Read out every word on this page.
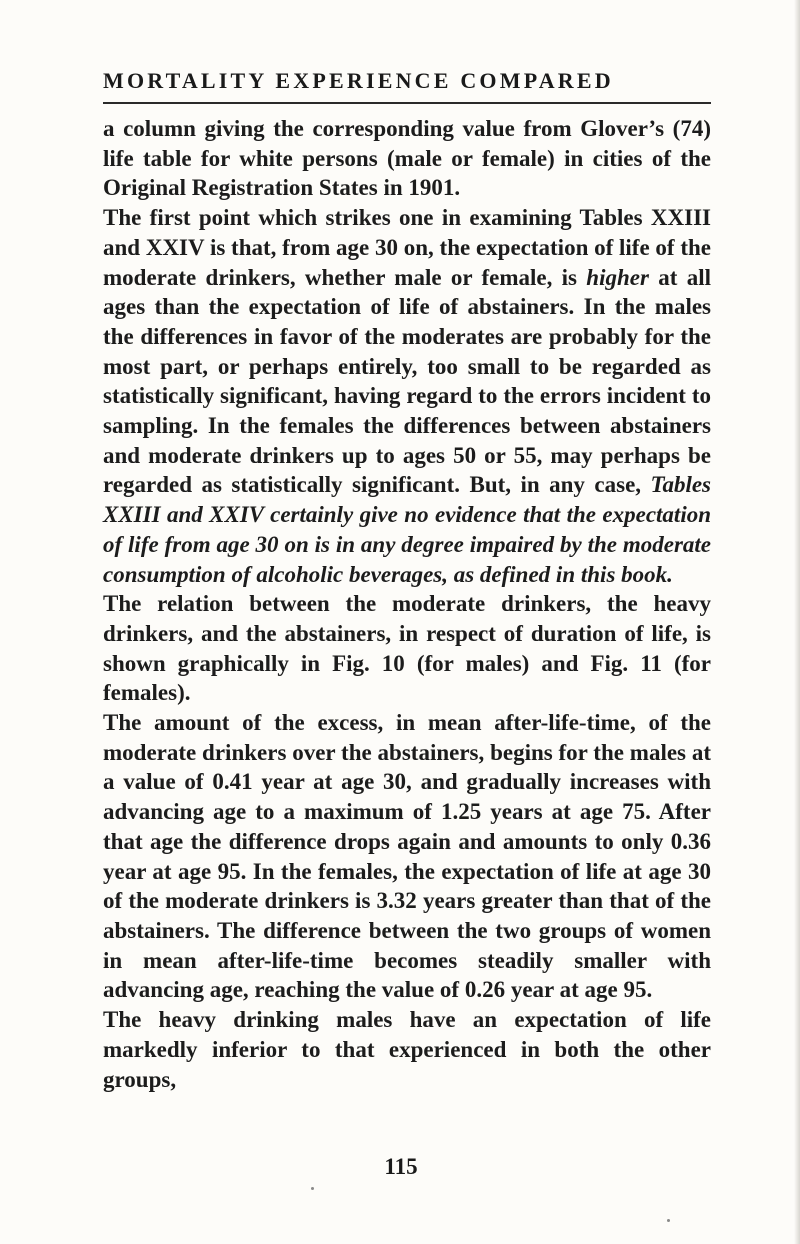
MORTALITY EXPERIENCE COMPARED

a column giving the corresponding value from Glover’s (74) life table for white persons (male or female) in cities of the Original Registration States in 1901.

The first point which strikes one in examining Tables XXIII and XXIV is that, from age 30 on, the expectation of life of the moderate drinkers, whether male or female, is higher at all ages than the expectation of life of abstainers. In the males the differences in favor of the moderates are probably for the most part, or perhaps entirely, too small to be regarded as statistically significant, having regard to the errors incident to sampling. In the females the differences between abstainers and moderate drinkers up to ages 50 or 55, may perhaps be regarded as statistically significant. But, in any case, Tables XXIII and XXIV certainly give no evidence that the expectation of life from age 30 on is in any degree impaired by the moderate consumption of alcoholic beverages, as defined in this book.

The relation between the moderate drinkers, the heavy drinkers, and the abstainers, in respect of duration of life, is shown graphically in Fig. 10 (for males) and Fig. 11 (for females).

The amount of the excess, in mean after-life-time, of the moderate drinkers over the abstainers, begins for the males at a value of 0.41 year at age 30, and gradually increases with advancing age to a maximum of 1.25 years at age 75. After that age the difference drops again and amounts to only 0.36 year at age 95. In the females, the expectation of life at age 30 of the moderate drinkers is 3.32 years greater than that of the abstainers. The difference between the two groups of women in mean after-life-time becomes steadily smaller with advancing age, reaching the value of 0.26 year at age 95.

The heavy drinking males have an expectation of life markedly inferior to that experienced in both the other groups,

115
